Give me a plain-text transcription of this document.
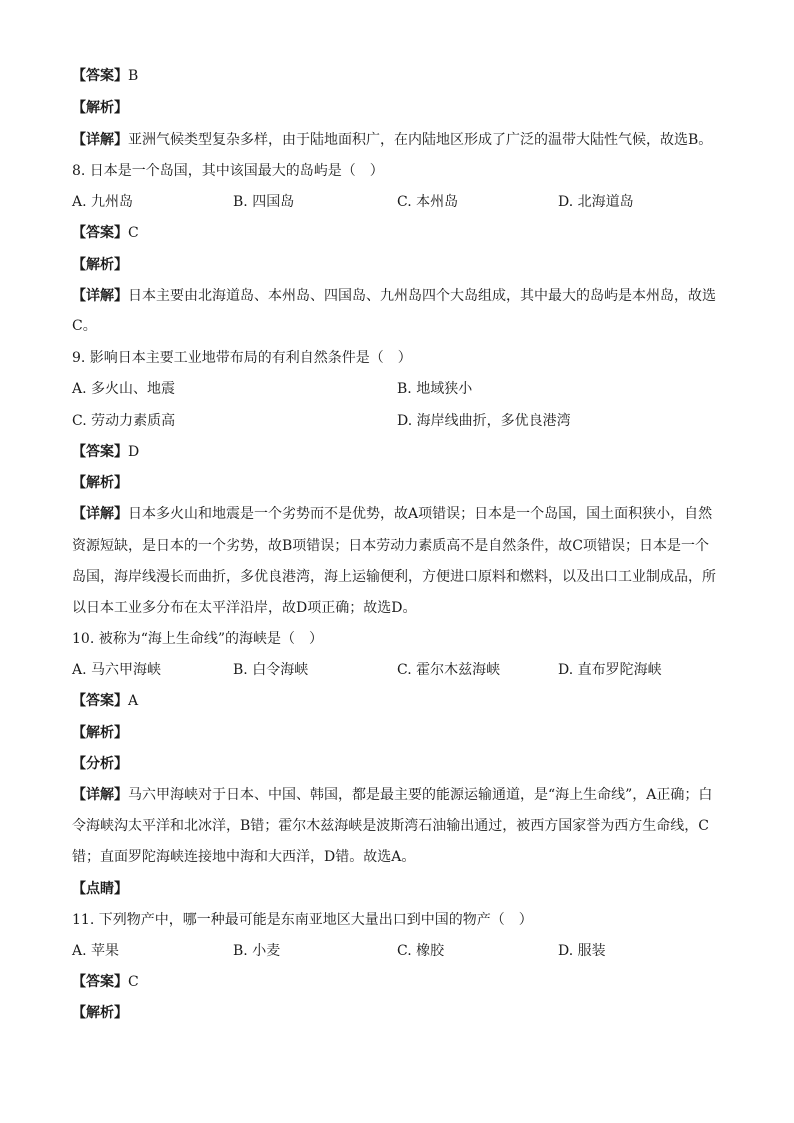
【答案】B
【解析】
【详解】亚洲气候类型复杂多样，由于陆地面积广，在内陆地区形成了广泛的温带大陆性气候，故选B。
8. 日本是一个岛国，其中该国最大的岛屿是（　）
A. 九州岛	B. 四国岛	C. 本州岛	D. 北海道岛
【答案】C
【解析】
【详解】日本主要由北海道岛、本州岛、四国岛、九州岛四个大岛组成，其中最大的岛屿是本州岛，故选
C。
9. 影响日本主要工业地带布局的有利自然条件是（　）
A. 多火山、地震	B. 地域狭小
C. 劳动力素质高	D. 海岸线曲折，多优良港湾
【答案】D
【解析】
【详解】日本多火山和地震是一个劣势而不是优势，故A项错误；日本是一个岛国，国土面积狭小，自然
资源短缺，是日本的一个劣势，故B项错误；日本劳动力素质高不是自然条件，故C项错误；日本是一个
岛国，海岸线漫长而曲折，多优良港湾，海上运输便利，方便进口原料和燃料，以及出口工业制成品，所
以日本工业多分布在太平洋沿岸，故D项正确；故选D。
10. 被称为“海上生命线”的海峡是（　）
A. 马六甲海峡	B. 白令海峡	C. 霍尔木兹海峡	D. 直布罗陀海峡
【答案】A
【解析】
【分析】
【详解】马六甲海峡对于日本、中国、韩国，都是最主要的能源运输通道，是“海上生命线”，A正确；白
令海峡沟太平洋和北冰洋，B错；霍尔木兹海峡是波斯湾石油输出通过，被西方国家誉为西方生命线，C
错；直面罗陀海峡连接地中海和大西洋，D错。故选A。
【点睛】
11. 下列物产中，哪一种最可能是东南亚地区大量出口到中国的物产（　）
A. 苹果	B. 小麦	C. 橡胶	D. 服装
【答案】C
【解析】
